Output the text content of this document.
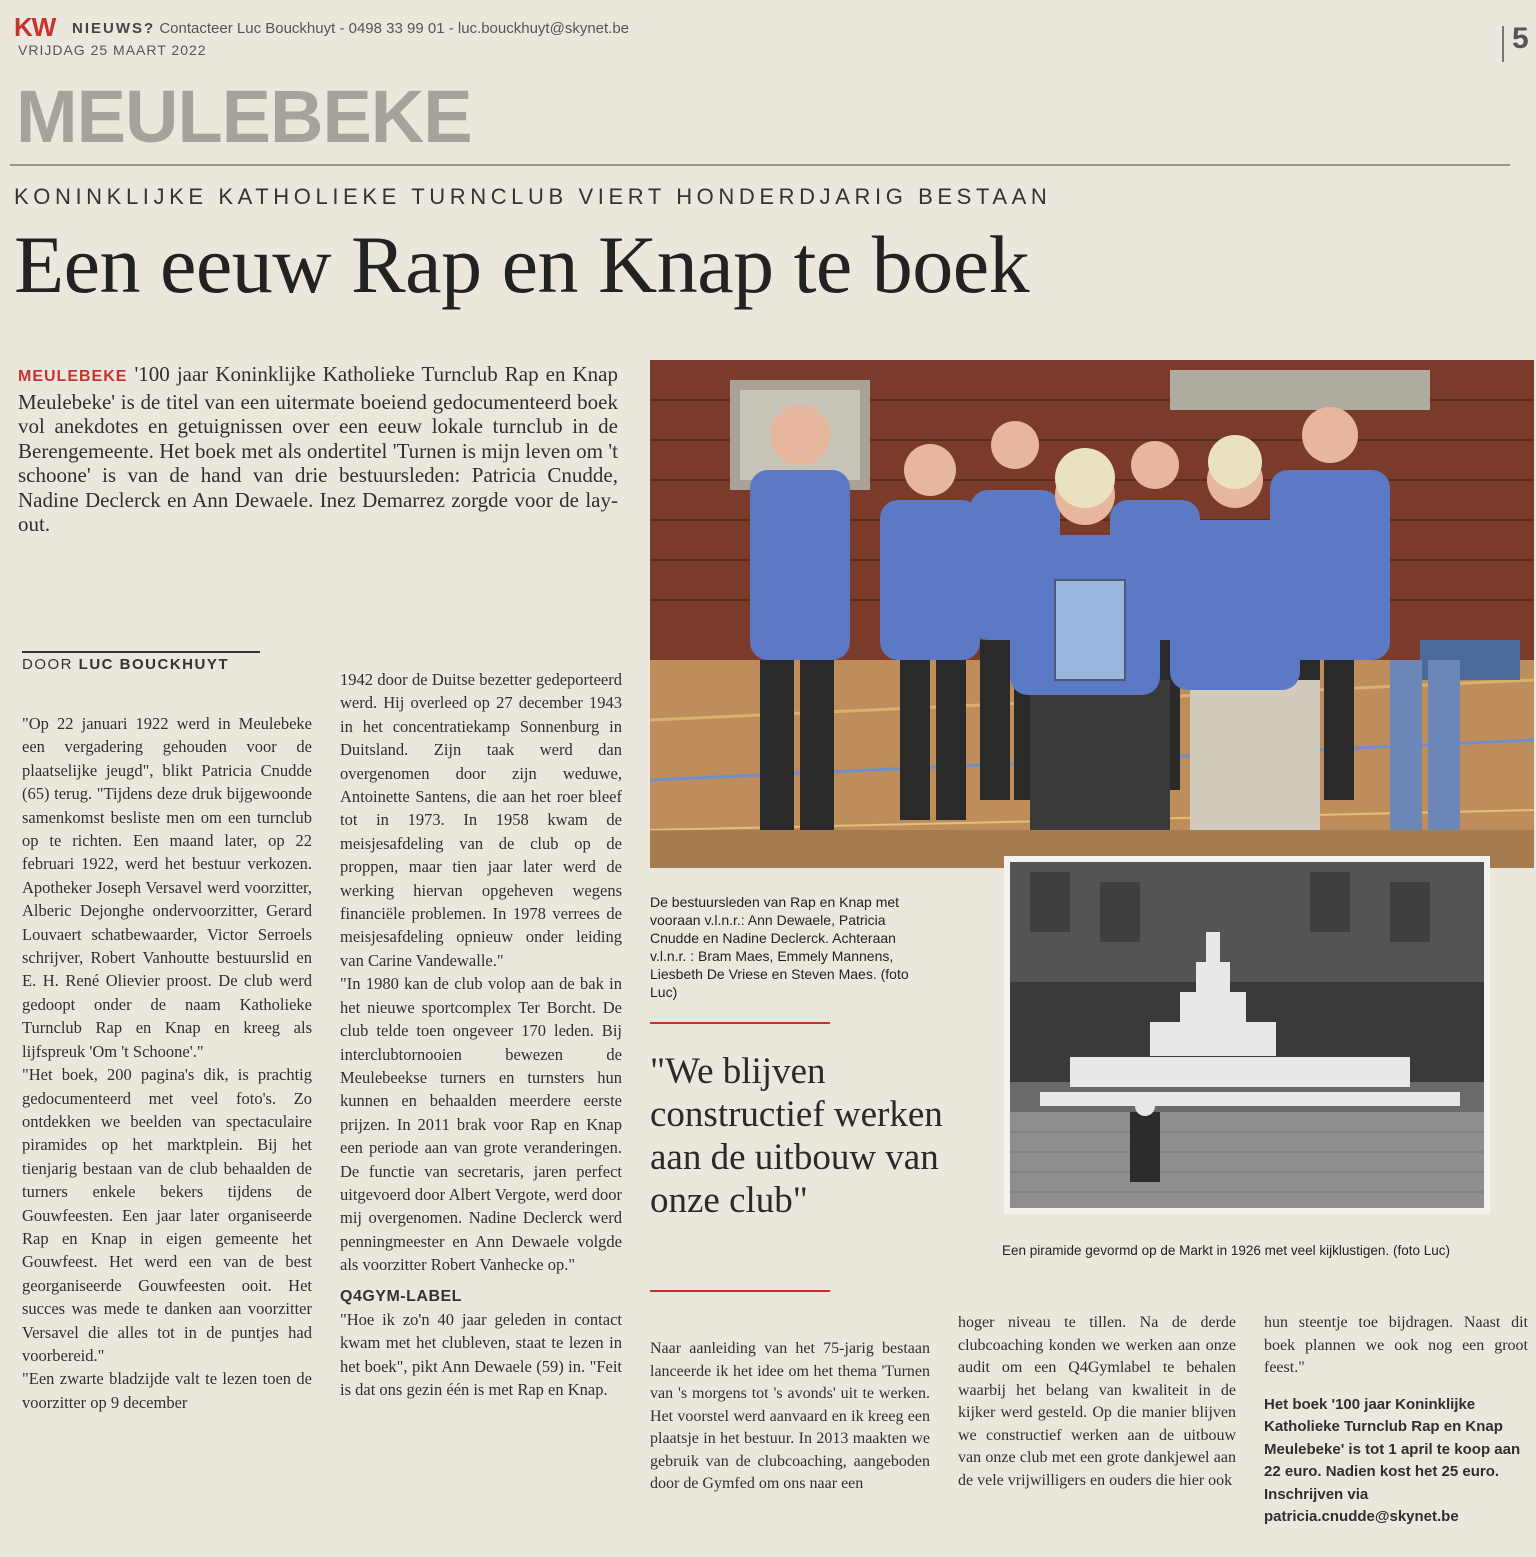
KW NIEUWS? Contacteer Luc Bouckhuyt - 0498 33 99 01 - luc.bouckhuyt@skynet.be	5
VRIJDAG 25 MAART 2022
MEULEBEKE
KONINKLIJKE KATHOLIEKE TURNCLUB VIERT HONDERDJARIG BESTAAN
Een eeuw Rap en Knap te boek
MEULEBEKE '100 jaar Koninklijke Katholieke Turnclub Rap en Knap Meulebeke' is de titel van een uitermate boeiend gedocumenteerd boek vol anekdotes en getuignissen over een eeuw lokale turnclub in de Berengemeente. Het boek met als ondertitel 'Turnen is mijn leven om 't schoone' is van de hand van drie bestuursleden: Patricia Cnudde, Nadine Declerck en Ann Dewaele. Inez Demarrez zorgde voor de lay-out.
DOOR LUC BOUCKHUYT

"Op 22 januari 1922 werd in Meulebeke een vergadering gehouden voor de plaatselijke jeugd", blikt Patricia Cnudde (65) terug. "Tijdens deze druk bijgewoonde samenkomst besliste men om een turnclub op te richten. Een maand later, op 22 februari 1922, werd het bestuur verkozen. Apotheker Joseph Versavel werd voorzitter, Alberic Dejonghe ondervoorzitter, Gerard Louvaert schatbewaarder, Victor Serroels schrijver, Robert Vanhoutte bestuurslid en E. H. René Olievier proost. De club werd gedoopt onder de naam Katholieke Turnclub Rap en Knap en kreeg als lijfspreuk 'Om 't Schoone'."

"Het boek, 200 pagina's dik, is prachtig gedocumenteerd met veel foto's. Zo ontdekken we beelden van spectaculaire piramides op het marktplein. Bij het tienjarig bestaan van de club behaalden de turners enkele bekers tijdens de Gouwfeesten. Een jaar later organiseerde Rap en Knap in eigen gemeente het Gouwfeest. Het werd een van de best georganiseerde Gouwfeesten ooit. Het succes was mede te danken aan voorzitter Versavel die alles tot in de puntjes had voorbereid."

"Een zwarte bladzijde valt te lezen toen de voorzitter op 9 december

1942 door de Duitse bezetter gedeporteerd werd. Hij overleed op 27 december 1943 in het concentratiekamp Sonnenburg in Duitsland. Zijn taak werd dan overgenomen door zijn weduwe, Antoinette Santens, die aan het roer bleef tot in 1973. In 1958 kwam de meisjesafdeling van de club op de proppen, maar tien jaar later werd de werking hiervan opgeheven wegens financiële problemen. In 1978 verrees de meisjesafdeling opnieuw onder leiding van Carine Vandewalle."

"In 1980 kan de club volop aan de bak in het nieuwe sportcomplex Ter Borcht. De club telde toen ongeveer 170 leden. Bij interclubtornooien bewezen de Meulebeekse turners en turnsters hun kunnen en behaalden meerdere eerste prijzen. In 2011 brak voor Rap en Knap een periode aan van grote veranderingen. De functie van secretaris, jaren perfect uitgevoerd door Albert Vergote, werd door mij overgenomen. Nadine Declerck werd penningmeester en Ann Dewaele volgde als voorzitter Robert Vanhecke op."

Q4GYM-LABEL

"Hoe ik zo'n 40 jaar geleden in contact kwam met het clubleven, staat te lezen in het boek", pikt Ann Dewaele (59) in. "Feit is dat ons gezin één is met Rap en Knap.

De bestuursleden van Rap en Knap met vooraan v.l.n.r.: Ann Dewaele, Patricia Cnudde en Nadine Declerck. Achteraan v.l.n.r. : Bram Maes, Emmely Mannens, Liesbeth De Vriese en Steven Maes. (foto Luc)
Een piramide gevormd op de Markt in 1926 met veel kijklustigen. (foto Luc)
"We blijven constructief werken aan de uitbouw van onze club"

Naar aanleiding van het 75-jarig bestaan lanceerde ik het idee om het thema 'Turnen van 's morgens tot 's avonds' uit te werken. Het voorstel werd aanvaard en ik kreeg een plaatsje in het bestuur. In 2013 maakten we gebruik van de clubcoaching, aangeboden door de Gymfed om ons naar een

hoger niveau te tillen. Na de derde clubcoaching konden we werken aan onze audit om een Q4Gymlabel te behalen waarbij het belang van kwaliteit in de kijker werd gesteld. Op die manier blijven we constructief werken aan de uitbouw van onze club met een grote dankjewel aan de vele vrijwilligers en ouders die hier ook

hun steentje toe bijdragen. Naast dit boek plannen we ook nog een groot feest."

Het boek '100 jaar Koninklijke Katholieke Turnclub Rap en Knap Meulebeke' is tot 1 april te koop aan 22 euro. Nadien kost het 25 euro. Inschrijven via patricia.cnudde@skynet.be
